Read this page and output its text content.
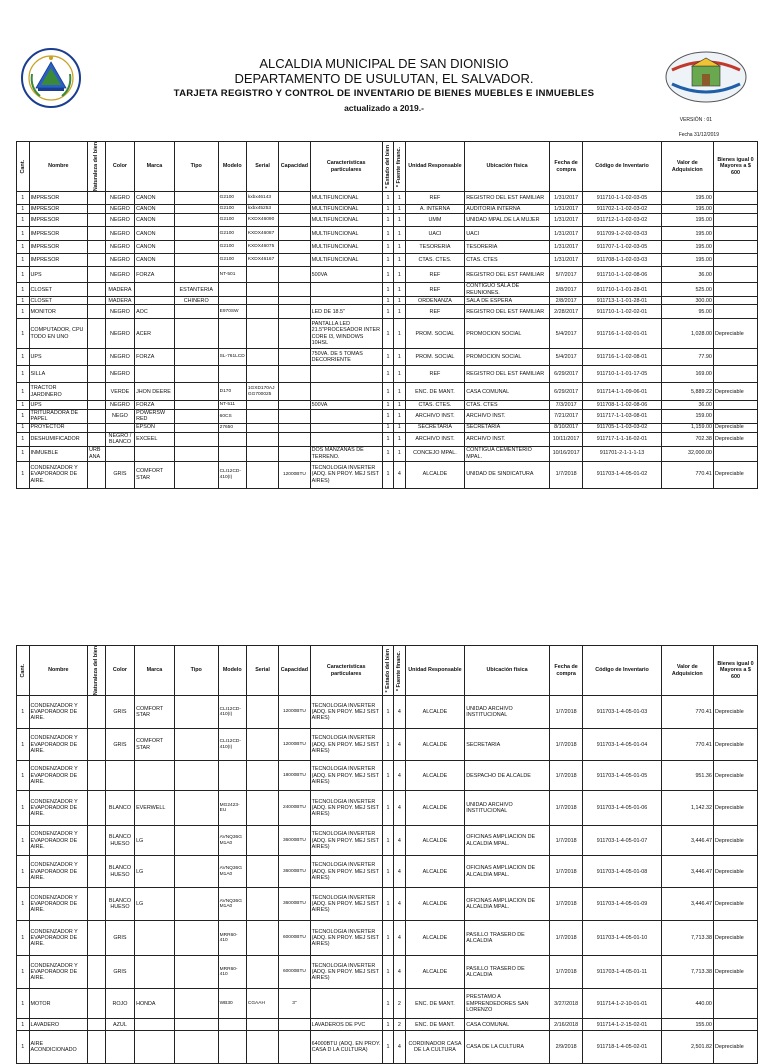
ALCALDIA MUNICIPAL DE SAN DIONISIO
DEPARTAMENTO DE USULUTAN, EL SALVADOR.
TARJETA REGISTRO Y CONTROL DE INVENTARIO DE BIENES MUEBLES E INMUEBLES
actualizado a 2019.-
VERSIÓN : 01
Fecha 31/12/2019
Cant.	Nombre	Naturaleza del bien	Color	Marca	Tipo	Modelo	Serial	Capacidad	Características particulares	* Estado del bien	* Fuente financ.	Unidad Responsable	Ubicación física	Fecha de compra	Código de Inventario	Valor de Adquisicion	Bienes igual 0 Mayores a $ 600
1	IMPRESOR		NEGRO	CANON		G2100	kxbx46143		MULTIFUNCIONAL	1	1	REF	REGISTRO DEL EST FAMILIAR	1/31/2017	911710-1-1-02-03-05	195.00	
1	IMPRESOR		NEGRO	CANON		G2100	kxbx45253		MULTIFUNCIONAL	1	1	A. INTERNA	AUDITORIA INTERNA	1/31/2017	911702-1-1-02-03-02	195.00	
1	IMPRESOR		NEGRO	CANON		G2100	KXDX46090		MULTIFUNCIONAL	1	1	UMM	UNIDAD MPAL.DE LA MUJER	1/31/2017	911712-1-1-02-03-02	195.00	
1	IMPRESOR		NEGRO	CANON		G2100	KXDX46087		MULTIFUNCIONAL	1	1	UACI	UACI	1/31/2017	911709-1-2-02-03-03	195.00	
1	IMPRESOR		NEGRO	CANON		G2100	KXDX46075		MULTIFUNCIONAL	1	1	TESORERIA	TESORERIA	1/31/2017	911707-1-1-02-03-05	195.00	
1	IMPRESOR		NEGRO	CANON		G2100	KXDX46167		MULTIFUNCIONAL	1	1	CTAS. CTES.	CTAS. CTES	1/31/2017	911708-1-1-02-03-03	195.00	
1	UPS		NEGRO	FORZA		NT-501			500VA	1	1	REF	REGISTRO DEL EST FAMILIAR	5/7/2017	911710-1-1-02-08-06	36.00	
1	CLOSET		MADERA		ESTANTERIA					1	1	REF	CONTIGUO SALA DE REUNIONES.	2/8/2017	911710-1-1-01-28-01	525.00	
1	CLOSET		MADERA		CHINERO					1	1	ORDENANZA	SALA DE ESPERA	2/8/2017	911713-1-1-01-28-01	300.00	
1	MONITOR		NEGRO	AOC		E970SW			LED DE 18.5"	1	1	REF	REGISTRO DEL EST FAMILIAR	2/28/2017	911710-1-1-02-02-01	95.00	
1	COMPUTADOR, CPU TODO EN UNO		NEGRO	ACER					PANTALLA LED 21.5"PROCESADOR INTER CORE I3, WINDOWS 10HSL	1	1	PROM. SOCIAL	PROMOCION SOCIAL	5/4/2017	911716-1-1-02-01-01	1,028.00	Depreciable
1	UPS		NEGRO	FORZA		SL-761LCD			750VA. DE 5 TOMAS DECORRIENTE	1	1	PROM. SOCIAL	PROMOCION SOCIAL	5/4/2017	911716-1-1-02-08-01	77.90	
1	SILLA		NEGRO							1	1	REF	REGISTRO DEL EST FAMILIAR	6/29/2017	911710-1-1-01-17-05	169.00	
1	TRACTOR JARDINERO		VERDE	JHON DEERE		D170	1GXD170AJ GG700025			1	1	ENC. DE MANT.	CASA COMUNAL	6/29/2017	911714-1-1-09-06-01	5,889.22	Depreciable
1	UPS		NEGRO	FORZA		NT-511			500VA	1	1	CTAS. CTES.	CTAS. CTES	7/3/2017	911708-1-1-02-08-06	36.00	
1	TRITURADORA DE PAPEL		NEGO	POWERSW RED		60CS				1	1	ARCHIVO INST.	ARCHIVO INST.	7/21/2017	911717-1-1-03-08-01	159.00	
1	PROYECTOR			EPSON		27650				1	1	SECRETARIA	SECRETARIA	8/10/2017	911705-1-1-03-03-02	1,159.00	Depreciable
1	DESHUMIFICADOR		NEGRO / BLANCO	EXCEEL						1	1	ARCHIVO INST.	ARCHIVO INST.	10/11/2017	911717-1-1-16-02-01	702.38	Depreciable
1	INMUEBLE	URBANA							DOS MANZANAS DE TERRENO.	1	1	CONCEJO MPAL.	CONTIGUA CEMENTERIO MPAL.	10/16/2017	911701-2-1-1-1-13	32,000.00	
1	CONDENZADOR Y EVAPORADOR DE AIRE.		GRIS	COMFORT STAR		CLI12CD-410(I)		12000BTU	TECNOLOGIA INVERTER (ADQ. EN PROY. MEJ SIST AIRES)	1	4	ALCALDE	UNIDAD DE SINDICATURA	1/7/2018	911703-1-4-05-01-02	770.41	Depreciable
Cant.	Nombre	Naturaleza del bien	Color	Marca	Tipo	Modelo	Serial	Capacidad	Características particulares	* Estado del bien	* Fuente financ.	Unidad Responsable	Ubicación física	Fecha de compra	Código de Inventario	Valor de Adquisicion	Bienes igual 0 Mayores a $ 600
1	CONDENZADOR Y EVAPORADOR DE AIRE.		GRIS	COMFORT STAR		CLI12CD-410(I)		12000BTU	TECNOLOGIA INVERTER (ADQ. EN PROY. MEJ SIST AIRES)	1	4	ALCALDE	UNIDAD ARCHIVO INSTITUCIONAL	1/7/2018	911703-1-4-05-01-03	770.41	Depreciable
1	CONDENZADOR Y EVAPORADOR DE AIRE.		GRIS	COMFORT STAR		CLI12CD-410(I)		12000BTU	TECNOLOGIA INVERTER (ADQ. EN PROY. MEJ SIST AIRES)	1	4	ALCALDE	SECRETARIA	1/7/2018	911703-1-4-05-01-04	770.41	Depreciable
1	CONDENZADOR Y EVAPORADOR DE AIRE.							18000BTU	TECNOLOGIA INVERTER (ADQ. EN PROY. MEJ SIST AIRES)	1	4	ALCALDE	DESPACHO DE ALCALDE	1/7/2018	911703-1-4-05-01-05	951.36	Depreciable
1	CONDENZADOR Y EVAPORADOR DE AIRE.		BLANCO	EVERWELL		MG2423-EU		24000BTU	TECNOLOGIA INVERTER (ADQ. EN PROY. MEJ SIST AIRES)	1	4	ALCALDE	UNIDAD ARCHIVO INSTITUCIONAL	1/7/2018	911703-1-4-05-01-06	1,142.32	Depreciable
1	CONDENZADOR Y EVAPORADOR DE AIRE.		BLANCO HUESO	LG		AVNQ36G M1A0		36000BTU	TECNOLOGIA INVERTER (ADQ. EN PROY. MEJ SIST AIRES)	1	4	ALCALDE	OFICINAS AMPLIACION DE ALCALDIA MPAL.	1/7/2018	911703-1-4-05-01-07	3,446.47	Depreciable
1	CONDENZADOR Y EVAPORADOR DE AIRE.		BLANCO HUESO	LG		AVNQ36G M1A0		36000BTU	TECNOLOGIA INVERTER (ADQ. EN PROY. MEJ SIST AIRES)	1	4	ALCALDE	OFICINAS AMPLIACION DE ALCALDIA MPAL.	1/7/2018	911703-1-4-05-01-08	3,446.47	Depreciable
1	CONDENZADOR Y EVAPORADOR DE AIRE.		BLANCO HUESO	LG		AVNQ36G M1A0		36000BTU	TECNOLOGIA INVERTER (ADQ. EN PROY. MEJ SIST AIRES)	1	4	ALCALDE	OFICINAS AMPLIACION DE ALCALDIA MPAL.	1/7/2018	911703-1-4-05-01-09	3,446.47	Depreciable
1	CONDENZADOR Y EVAPORADOR DE AIRE.		GRIS			MRR60-410		60000BTU	TECNOLOGIA INVERTER (ADQ. EN PROY. MEJ SIST AIRES)	1	4	ALCALDE	PASILLO TRASERO DE ALCALDIA	1/7/2018	911703-1-4-05-01-10	7,713.38	Depreciable
1	CONDENZADOR Y EVAPORADOR DE AIRE.		GRIS			MRR60-410		60000BTU	TECNOLOGIA INVERTER (ADQ. EN PROY. MEJ SIST AIRES)	1	4	ALCALDE	PASILLO TRASERO DE ALCALDIA	1/7/2018	911703-1-4-05-01-11	7,713.38	Depreciable
1	MOTOR		ROJO	HONDA		WB30	CGAAH	3"		1	2	ENC. DE MANT.	PRESTAMO A EMPRENDEDORES SAN LORENZO	3/27/2018	911714-1-2-10-01-01	440.00	
1	LAVADERO		AZUL						LAVADEROS DE PVC	1	2	ENC. DE MANT.	CASA COMUNAL	2/16/2018	911714-1-2-15-02-01	155.00	
1	AIRE ACONDICIONADO								64000BTU (ADQ. EN PROY. CASA D LA CULTURA)	1	4	CORDINADOR CASA DE LA CULTURA	CASA DE LA CULTURA	2/9/2018	911718-1-4-05-02-01	2,501.82	Depreciable
